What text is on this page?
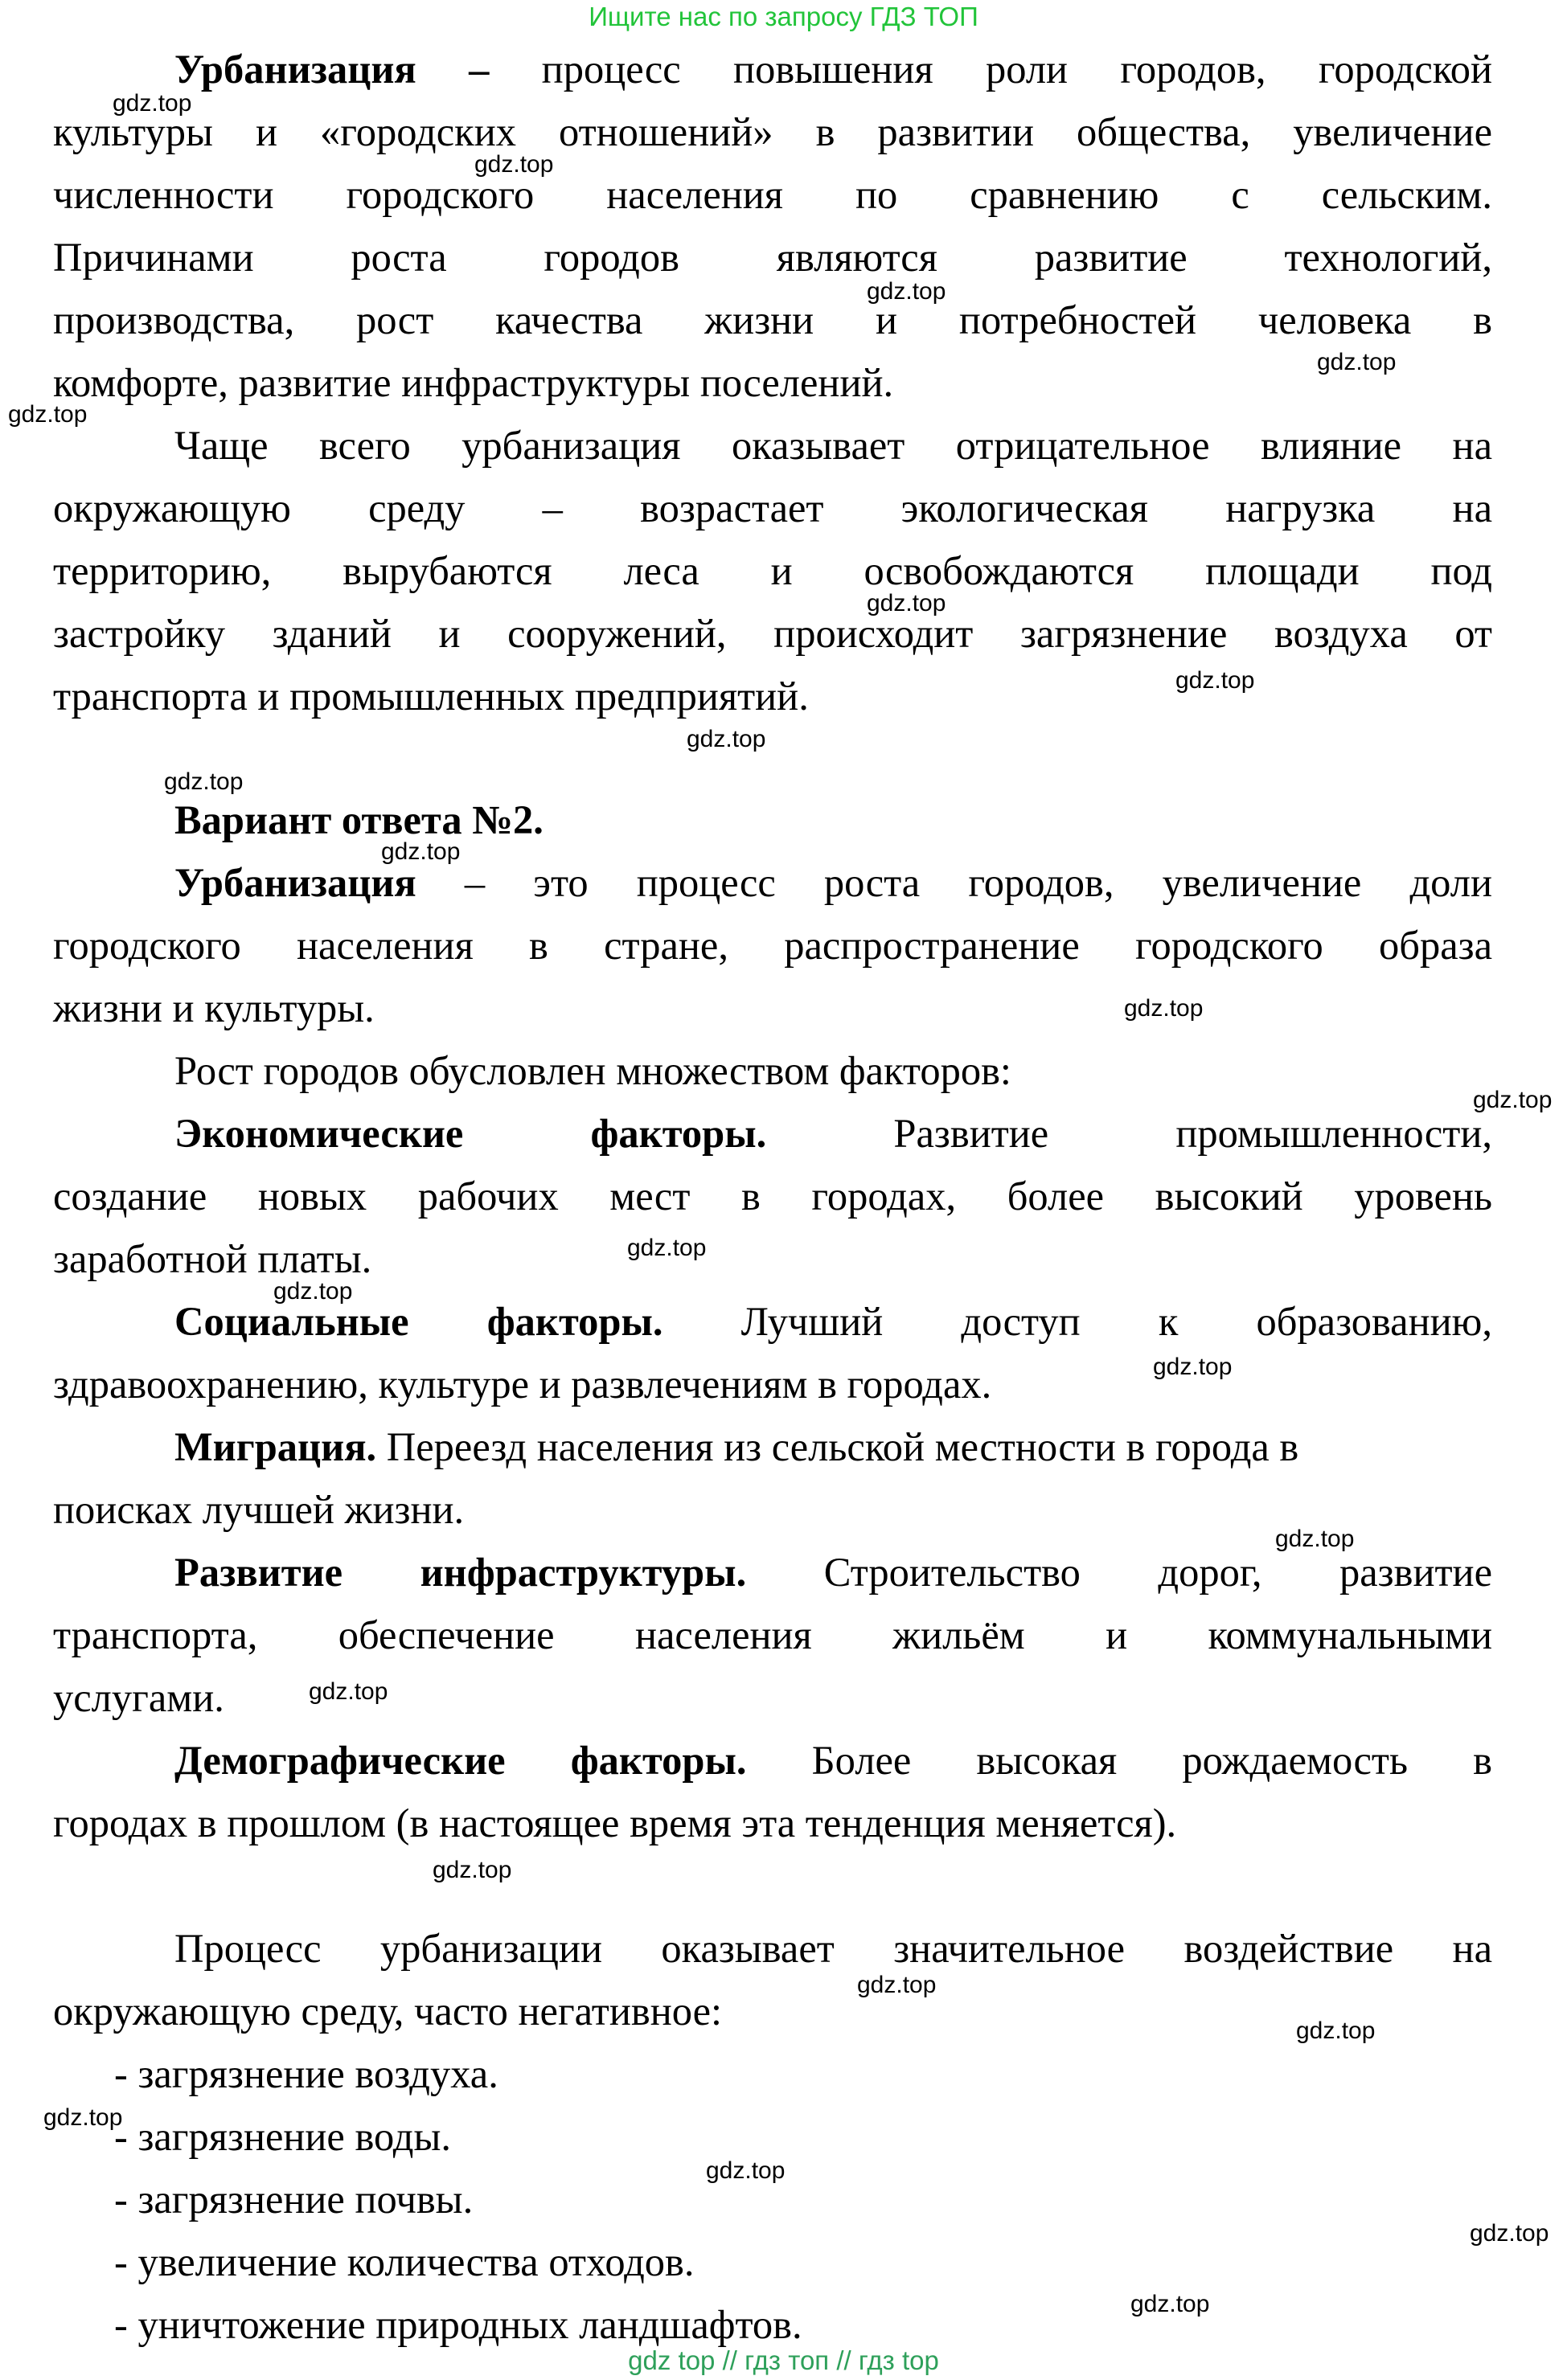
Ищите нас по запросу ГДЗ ТОП
Урбанизация – процесс повышения роли городов, городской
культуры и «городских отношений» в развитии общества, увеличение
численности городского населения по сравнению с сельским.
Причинами роста городов являются развитие технологий,
производства, рост качества жизни и потребностей человека в
комфорте, развитие инфраструктуры поселений.
Чаще всего урбанизация оказывает отрицательное влияние на
окружающую среду – возрастает экологическая нагрузка на
территорию, вырубаются леса и освобождаются площади под
застройку зданий и сооружений, происходит загрязнение воздуха от
транспорта и промышленных предприятий.
Вариант ответа №2.
Урбанизация – это процесс роста городов, увеличение доли
городского населения в стране, распространение городского образа
жизни и культуры.
Рост городов обусловлен множеством факторов:
Экономические факторы. Развитие промышленности,
создание новых рабочих мест в городах, более высокий уровень
заработной платы.
Социальные факторы. Лучший доступ к образованию,
здравоохранению, культуре и развлечениям в городах.
Миграция. Переезд населения из сельской местности в города в
поисках лучшей жизни.
Развитие инфраструктуры. Строительство дорог, развитие
транспорта, обеспечение населения жильём и коммунальными
услугами.
Демографические факторы. Более высокая рождаемость в
городах в прошлом (в настоящее время эта тенденция меняется).
Процесс урбанизации оказывает значительное воздействие на
окружающую среду, часто негативное:
- загрязнение воздуха.
- загрязнение воды.
- загрязнение почвы.
- увеличение количества отходов.
- уничтожение природных ландшафтов.
gdz.top
gdz.top
gdz.top
gdz.top
gdz.top
gdz.top
gdz.top
gdz.top
gdz.top
gdz.top
gdz.top
gdz.top
gdz.top
gdz.top
gdz.top
gdz.top
gdz.top
gdz.top
gdz.top
gdz.top
gdz.top
gdz.top
gdz.top
gdz.top
gdz top // гдз топ // гдз top
